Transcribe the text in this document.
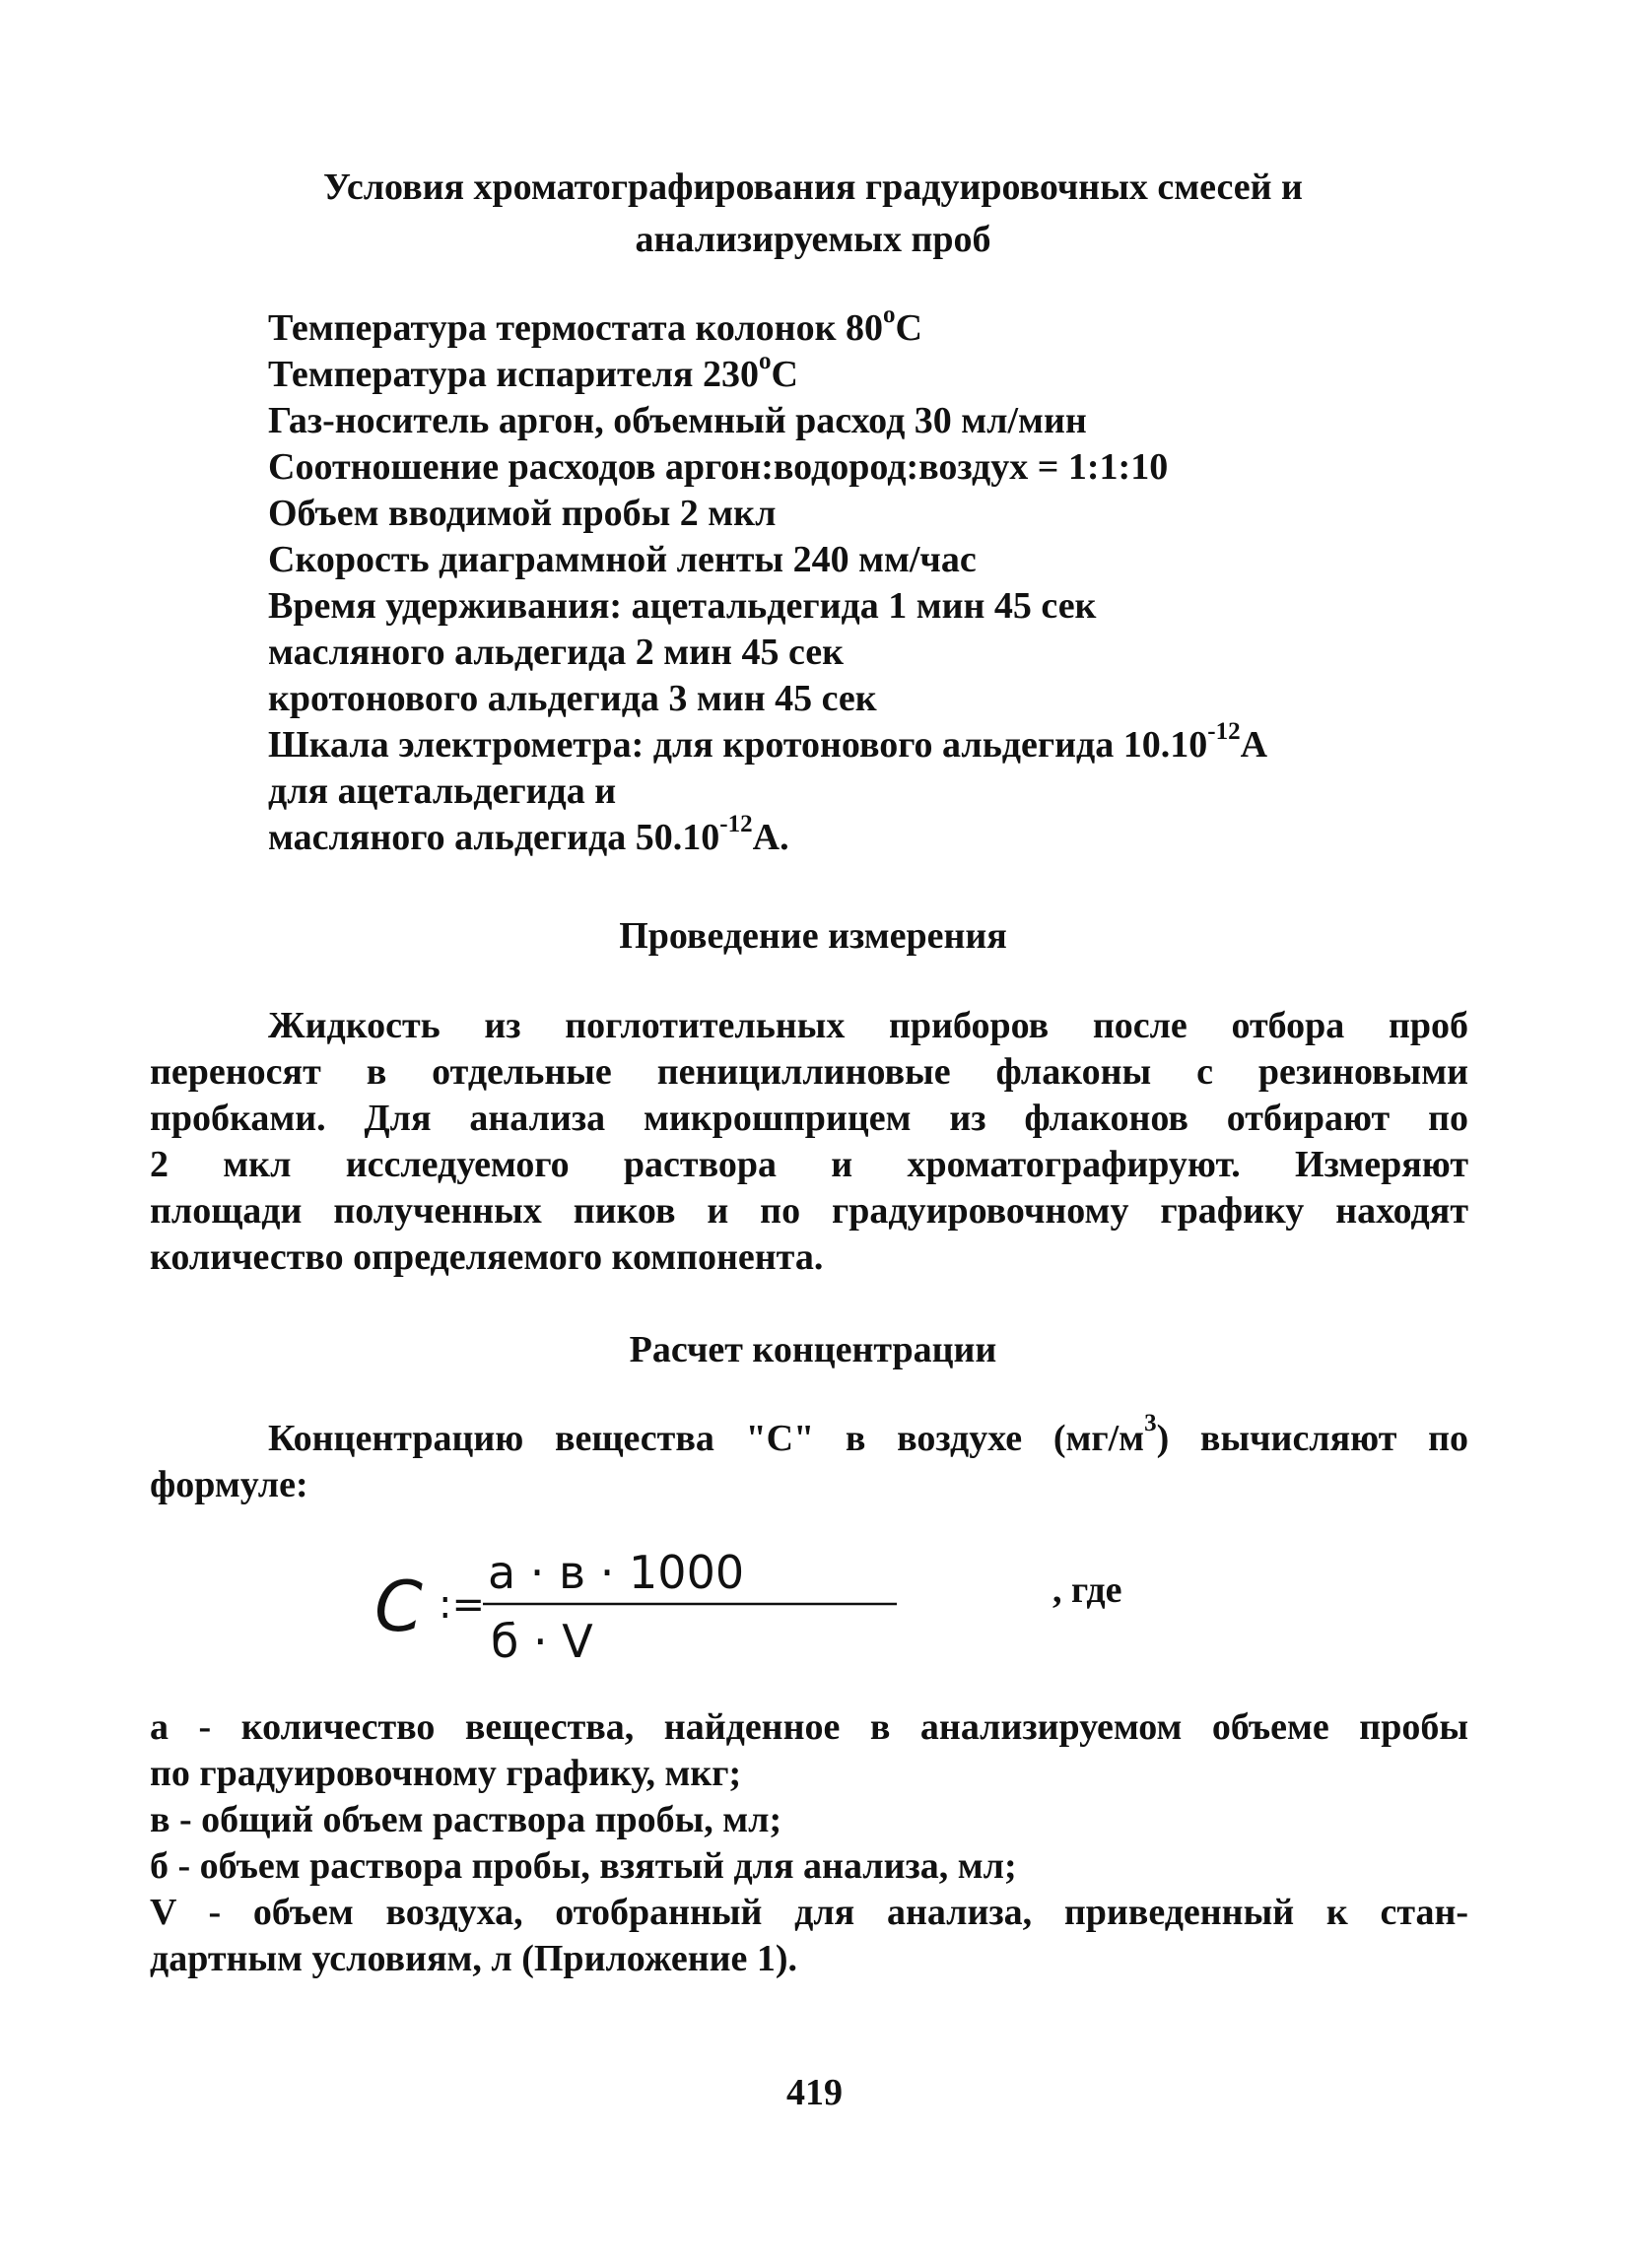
Условия хроматографирования градуировочных смесей и
анализируемых проб
Температура термостата колонок $80^оС$
Температура испарителя $230^оС$
Газ-носитель аргон, объемный расход 30 мл/мин
Соотношение расходов аргон:водород:воздух = 1:1:10
Объем вводимой пробы 2 мкл
Скорость диаграммной ленты 240 мм/час
Время удерживания: ацетальдегида 1 мин 45 сек
масляного альдегида 2 мин 45 сек
кротонового альдегида 3 мин 45 сек
Шкала электрометра: для кротонового альдегида $10.10^{-12}А$
для ацетальдегида и
масляного альдегида $50.10^{-12}А$.
Проведение измерения
Жидкость из поглотительных приборов после отбора проб
переносят в отдельные пенициллиновые флаконы с резиновыми
пробками. Для анализа микрошприцем из флаконов отбирают по
2 мкл исследуемого раствора и хроматографируют. Измеряют
площади полученных пиков и по градуировочному графику находят
количество определяемого компонента.
Расчет концентрации
Концентрацию вещества "С" в воздухе $(мг/м^3)$ вычисляют по
формуле:
C :=
a · в · 1000
б · V
, где
а - количество вещества, найденное в анализируемом объеме пробы
по градуировочному графику, мкг;
в - общий объем раствора пробы, мл;
б - объем раствора пробы, взятый для анализа, мл;
V - объем воздуха, отобранный для анализа, приведенный к стан-
дартным условиям, л (Приложение 1).
419
